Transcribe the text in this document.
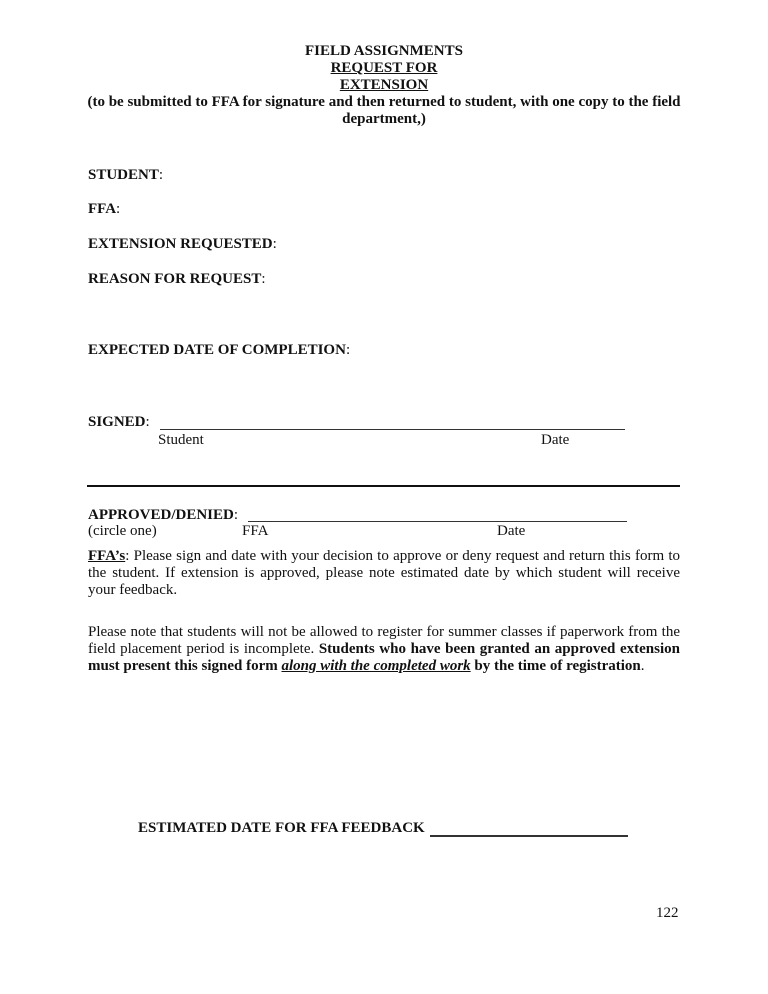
FIELD ASSIGNMENTS
REQUEST FOR
EXTENSION
(to be submitted to FFA for signature and then returned to student, with one copy to the field
department,)
STUDENT:
FFA:
EXTENSION REQUESTED:
REASON FOR REQUEST:
EXPECTED DATE OF COMPLETION:
SIGNED:
Student	Date
APPROVED/DENIED:
(circle one)	FFA	Date
FFA’s: Please sign and date with your decision to approve or deny request and return this form to the student. If extension is approved, please note estimated date by which student will receive your feedback.
Please note that students will not be allowed to register for summer classes if paperwork from the field placement period is incomplete. Students who have been granted an approved extension must present this signed form along with the completed work by the time of registration.
ESTIMATED DATE FOR FFA FEEDBACK
122
